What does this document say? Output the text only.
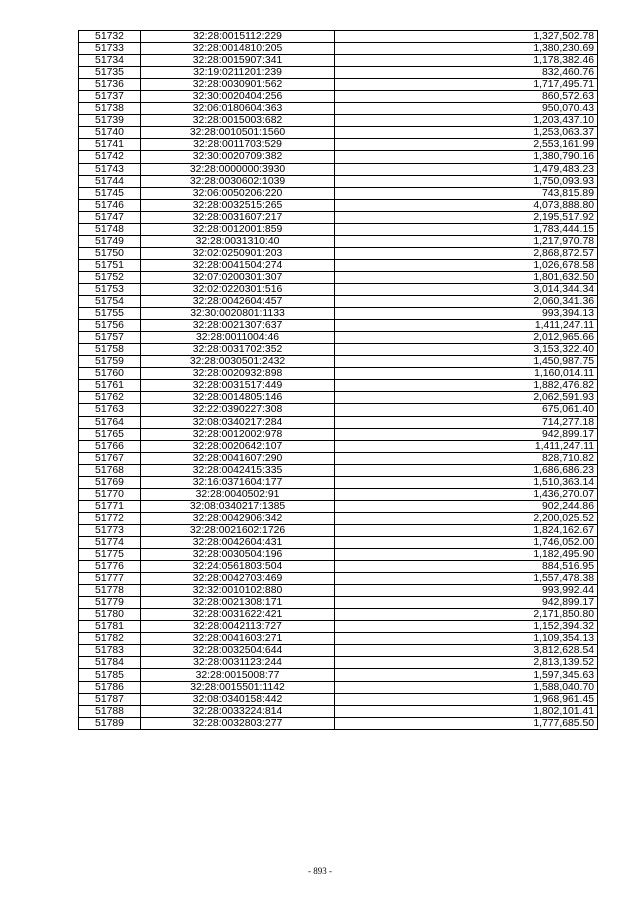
51732	32:28:0015112:229	1,327,502.78
51733	32:28:0014810:205	1,380,230.69
51734	32:28:0015907:341	1,178,382.46
51735	32:19:0211201:239	832,460.76
51736	32:28:0030901:562	1,717,495.71
51737	32:30:0020404:256	860,572.63
51738	32:06:0180604:363	950,070.43
51739	32:28:0015003:682	1,203,437.10
51740	32:28:0010501:1560	1,253,063.37
51741	32:28:0011703:529	2,553,161.99
51742	32:30:0020709:382	1,380,790.16
51743	32:28:0000000:3930	1,479,483.23
51744	32:28:0030602:1039	1,750,093.93
51745	32:06:0050206:220	743,815.89
51746	32:28:0032515:265	4,073,888.80
51747	32:28:0031607:217	2,195,517.92
51748	32:28:0012001:859	1,783,444.15
51749	32:28:0031310:40	1,217,970.78
51750	32:02:0250901:203	2,868,872.57
51751	32:28:0041504:274	1,026,678.58
51752	32:07:0200301:307	1,801,632.50
51753	32:02:0220301:516	3,014,344.34
51754	32:28:0042604:457	2,060,341.36
51755	32:30:0020801:1133	993,394.13
51756	32:28:0021307:637	1,411,247.11
51757	32:28:0011004:46	2,012,965.66
51758	32:28:0031702:352	3,153,322.40
51759	32:28:0030501:2432	1,450,987.75
51760	32:28:0020932:898	1,160,014.11
51761	32:28:0031517:449	1,882,476.82
51762	32:28:0014805:146	2,062,591.93
51763	32:22:0390227:308	675,061.40
51764	32:08:0340217:284	714,277.18
51765	32:28:0012002:978	942,899.17
51766	32:28:0020642:107	1,411,247.11
51767	32:28:0041607:290	828,710.82
51768	32:28:0042415:335	1,686,686.23
51769	32:16:0371604:177	1,510,363.14
51770	32:28:0040502:91	1,436,270.07
51771	32:08:0340217:1385	902,244.86
51772	32:28:0042906:342	2,200,025.52
51773	32:28:0021602:1726	1,824,162.67
51774	32:28:0042604:431	1,746,052.00
51775	32:28:0030504:196	1,182,495.90
51776	32:24:0561803:504	884,516.95
51777	32:28:0042703:469	1,557,478.38
51778	32:32:0010102:880	993,992.44
51779	32:28:0021308:171	942,899.17
51780	32:28:0031622:421	2,171,850.80
51781	32:28:0042113:727	1,152,394.32
51782	32:28:0041603:271	1,109,354.13
51783	32:28:0032504:644	3,812,628.54
51784	32:28:0031123:244	2,813,139.52
51785	32:28:0015008:77	1,597,345.63
51786	32:28:0015501:1142	1,588,040.70
51787	32:08:0340158:442	1,968,961.45
51788	32:28:0033224:814	1,802,101.41
51789	32:28:0032803:277	1,777,685.50
- 893 -
